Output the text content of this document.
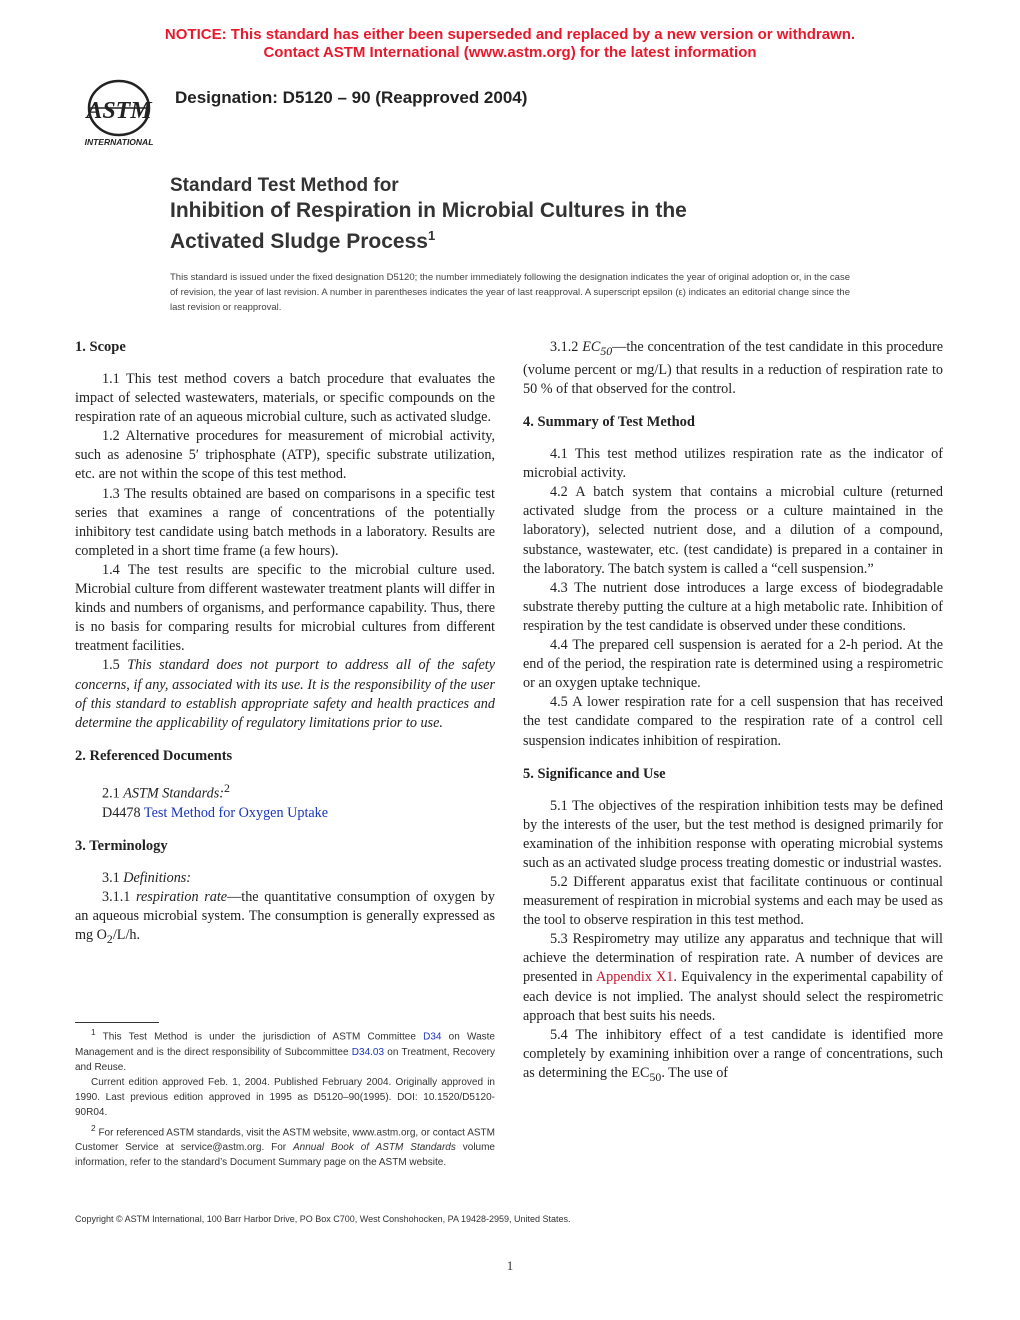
NOTICE: This standard has either been superseded and replaced by a new version or withdrawn.
Contact ASTM International (www.astm.org) for the latest information
ASTM
INTERNATIONAL
Designation: D5120 – 90 (Reapproved 2004)
Standard Test Method for
Inhibition of Respiration in Microbial Cultures in the
Activated Sludge Process$^1$
This standard is issued under the fixed designation D5120; the number immediately following the designation indicates the year of original adoption or, in the case of revision, the year of last revision. A number in parentheses indicates the year of last reapproval. A superscript epsilon (ε) indicates an editorial change since the last revision or reapproval.
1. Scope

1.1 This test method covers a batch procedure that evaluates the impact of selected wastewaters, materials, or specific compounds on the respiration rate of an aqueous microbial culture, such as activated sludge.

1.2 Alternative procedures for measurement of microbial activity, such as adenosine 5′ triphosphate (ATP), specific substrate utilization, etc. are not within the scope of this test method.

1.3 The results obtained are based on comparisons in a specific test series that examines a range of concentrations of the potentially inhibitory test candidate using batch methods in a laboratory. Results are completed in a short time frame (a few hours).

1.4 The test results are specific to the microbial culture used. Microbial culture from different wastewater treatment plants will differ in kinds and numbers of organisms, and performance capability. Thus, there is no basis for comparing results for microbial cultures from different treatment facilities.

1.5 This standard does not purport to address all of the safety concerns, if any, associated with its use. It is the responsibility of the user of this standard to establish appropriate safety and health practices and determine the applicability of regulatory limitations prior to use.

2. Referenced Documents

2.1 ASTM Standards:$^2$

D4478 Test Method for Oxygen Uptake

3. Terminology

3.1 Definitions:

3.1.1 respiration rate—the quantitative consumption of oxygen by an aqueous microbial system. The consumption is generally expressed as mg $O_2/L/h$.

$^1$ This Test Method is under the jurisdiction of ASTM Committee D34 on Waste Management and is the direct responsibility of Subcommittee D34.03 on Treatment, Recovery and Reuse.

Current edition approved Feb. 1, 2004. Published February 2004. Originally approved in 1990. Last previous edition approved in 1995 as D5120–90(1995). DOI: 10.1520/D5120-90R04.

$^2$ For referenced ASTM standards, visit the ASTM website, www.astm.org, or contact ASTM Customer Service at service@astm.org. For Annual Book of ASTM Standards volume information, refer to the standard’s Document Summary page on the ASTM website.

3.1.2 $EC_{50}—the$ concentration of the test candidate in this procedure (volume percent or mg/L) that results in a reduction of respiration rate to 50 % of that observed for the control.

4. Summary of Test Method

4.1 This test method utilizes respiration rate as the indicator of microbial activity.

4.2 A batch system that contains a microbial culture (returned activated sludge from the process or a culture maintained in the laboratory), selected nutrient dose, and a dilution of a compound, substance, wastewater, etc. (test candidate) is prepared in a container in the laboratory. The batch system is called a “cell suspension.”

4.3 The nutrient dose introduces a large excess of biodegradable substrate thereby putting the culture at a high metabolic rate. Inhibition of respiration by the test candidate is observed under these conditions.

4.4 The prepared cell suspension is aerated for a 2-h period. At the end of the period, the respiration rate is determined using a respirometric or an oxygen uptake technique.

4.5 A lower respiration rate for a cell suspension that has received the test candidate compared to the respiration rate of a control cell suspension indicates inhibition of respiration.

5. Significance and Use

5.1 The objectives of the respiration inhibition tests may be defined by the interests of the user, but the test method is designed primarily for examination of the inhibition response with operating microbial systems such as an activated sludge process treating domestic or industrial wastes.

5.2 Different apparatus exist that facilitate continuous or continual measurement of respiration in microbial systems and each may be used as the tool to observe respiration in this test method.

5.3 Respirometry may utilize any apparatus and technique that will achieve the determination of respiration rate. A number of devices are presented in Appendix X1. Equivalency in the experimental capability of each device is not implied. The analyst should select the respirometric approach that best suits his needs.

5.4 The inhibitory effect of a test candidate is identified more completely by examining inhibition over a range of concentrations, such as determining the $EC_{50}$. The use of

Copyright © ASTM International, 100 Barr Harbor Drive, PO Box C700, West Conshohocken, PA 19428-2959, United States.
1
